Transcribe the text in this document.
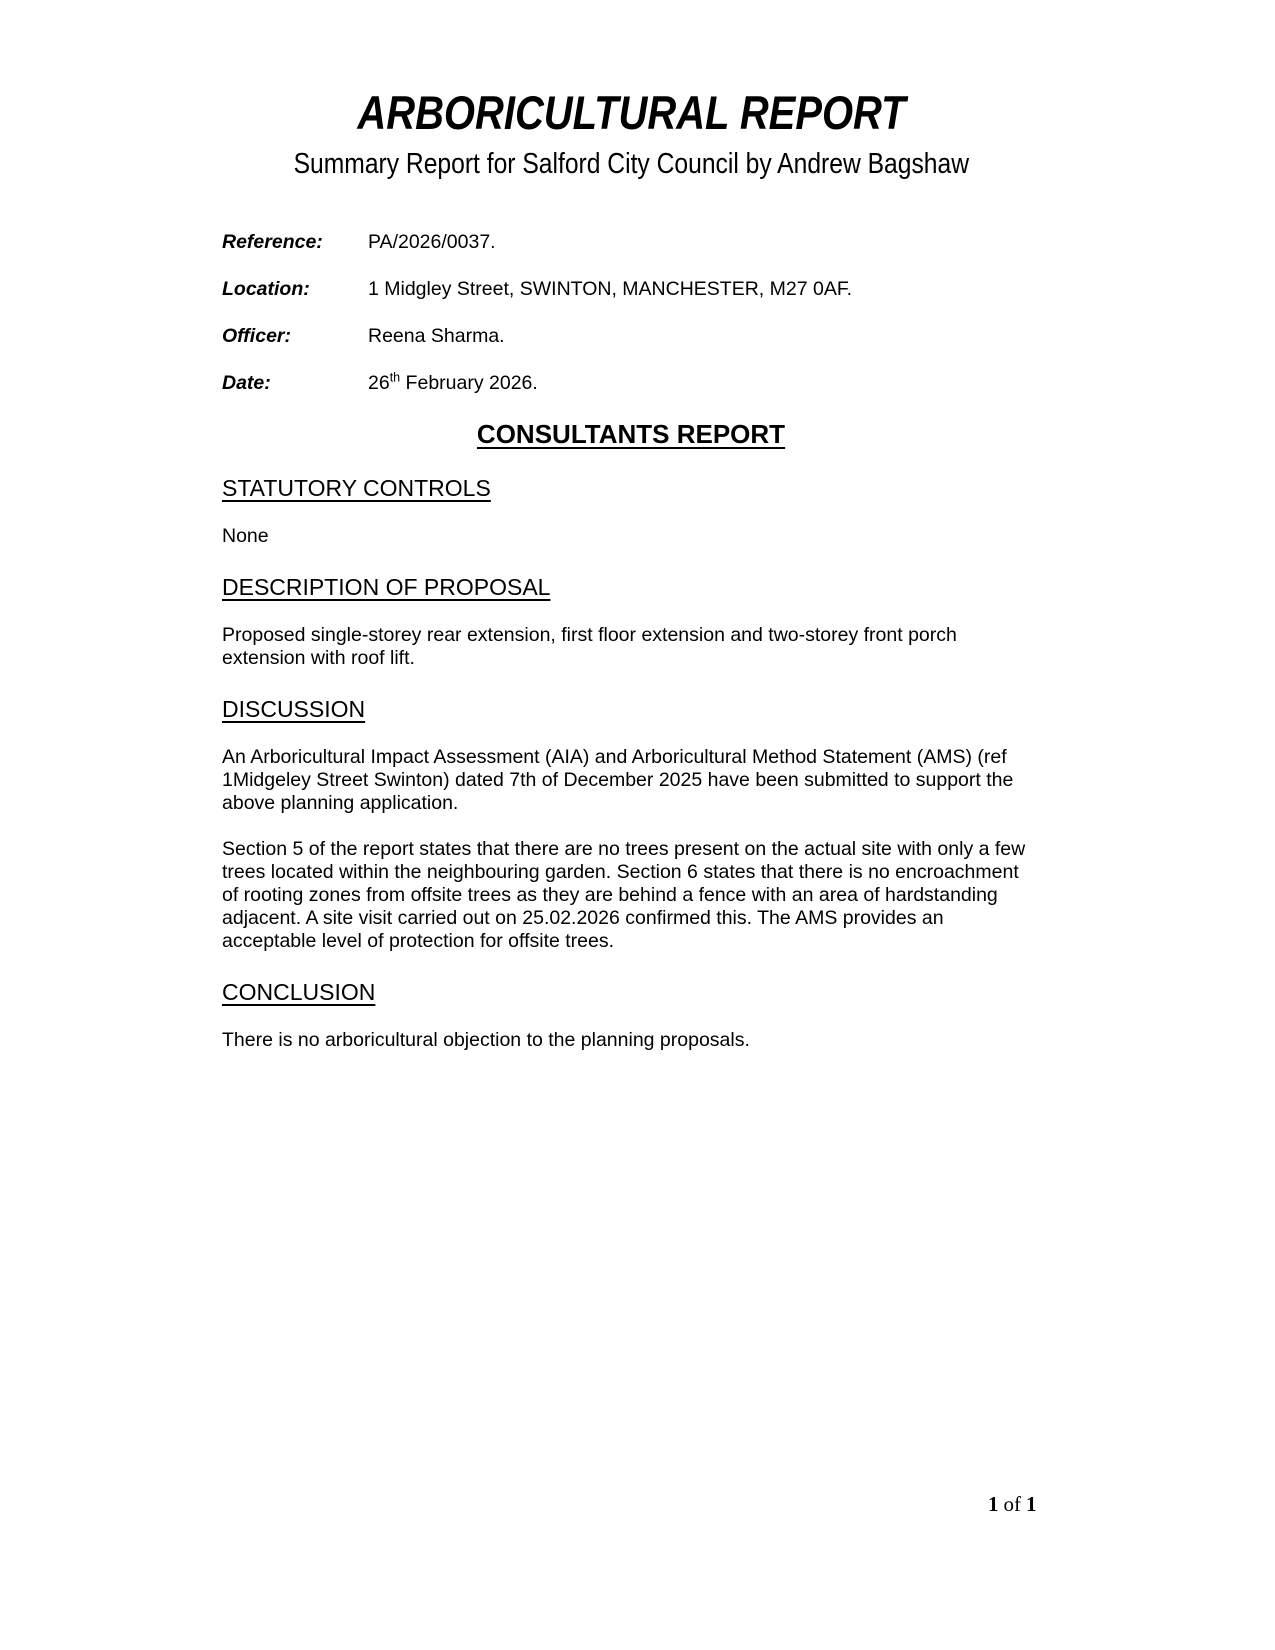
ARBORICULTURAL REPORT
Summary Report for Salford City Council by Andrew Bagshaw
Reference:	PA/2026/0037.
Location:	1 Midgley Street, SWINTON, MANCHESTER, M27 0AF.
Officer:	Reena Sharma.
Date:	26th February 2026.
CONSULTANTS REPORT
STATUTORY CONTROLS

None

DESCRIPTION OF PROPOSAL

Proposed single-storey rear extension, first floor extension and two-storey front porch extension with roof lift.

DISCUSSION

An Arboricultural Impact Assessment (AIA) and Arboricultural Method Statement (AMS) (ref 1Midgeley Street Swinton) dated 7th of December 2025 have been submitted to support the above planning application.

Section 5 of the report states that there are no trees present on the actual site with only a few trees located within the neighbouring garden. Section 6 states that there is no encroachment of rooting zones from offsite trees as they are behind a fence with an area of hardstanding adjacent. A site visit carried out on 25.02.2026 confirmed this. The AMS provides an acceptable level of protection for offsite trees.

CONCLUSION

There is no arboricultural objection to the planning proposals.

1 of 1
